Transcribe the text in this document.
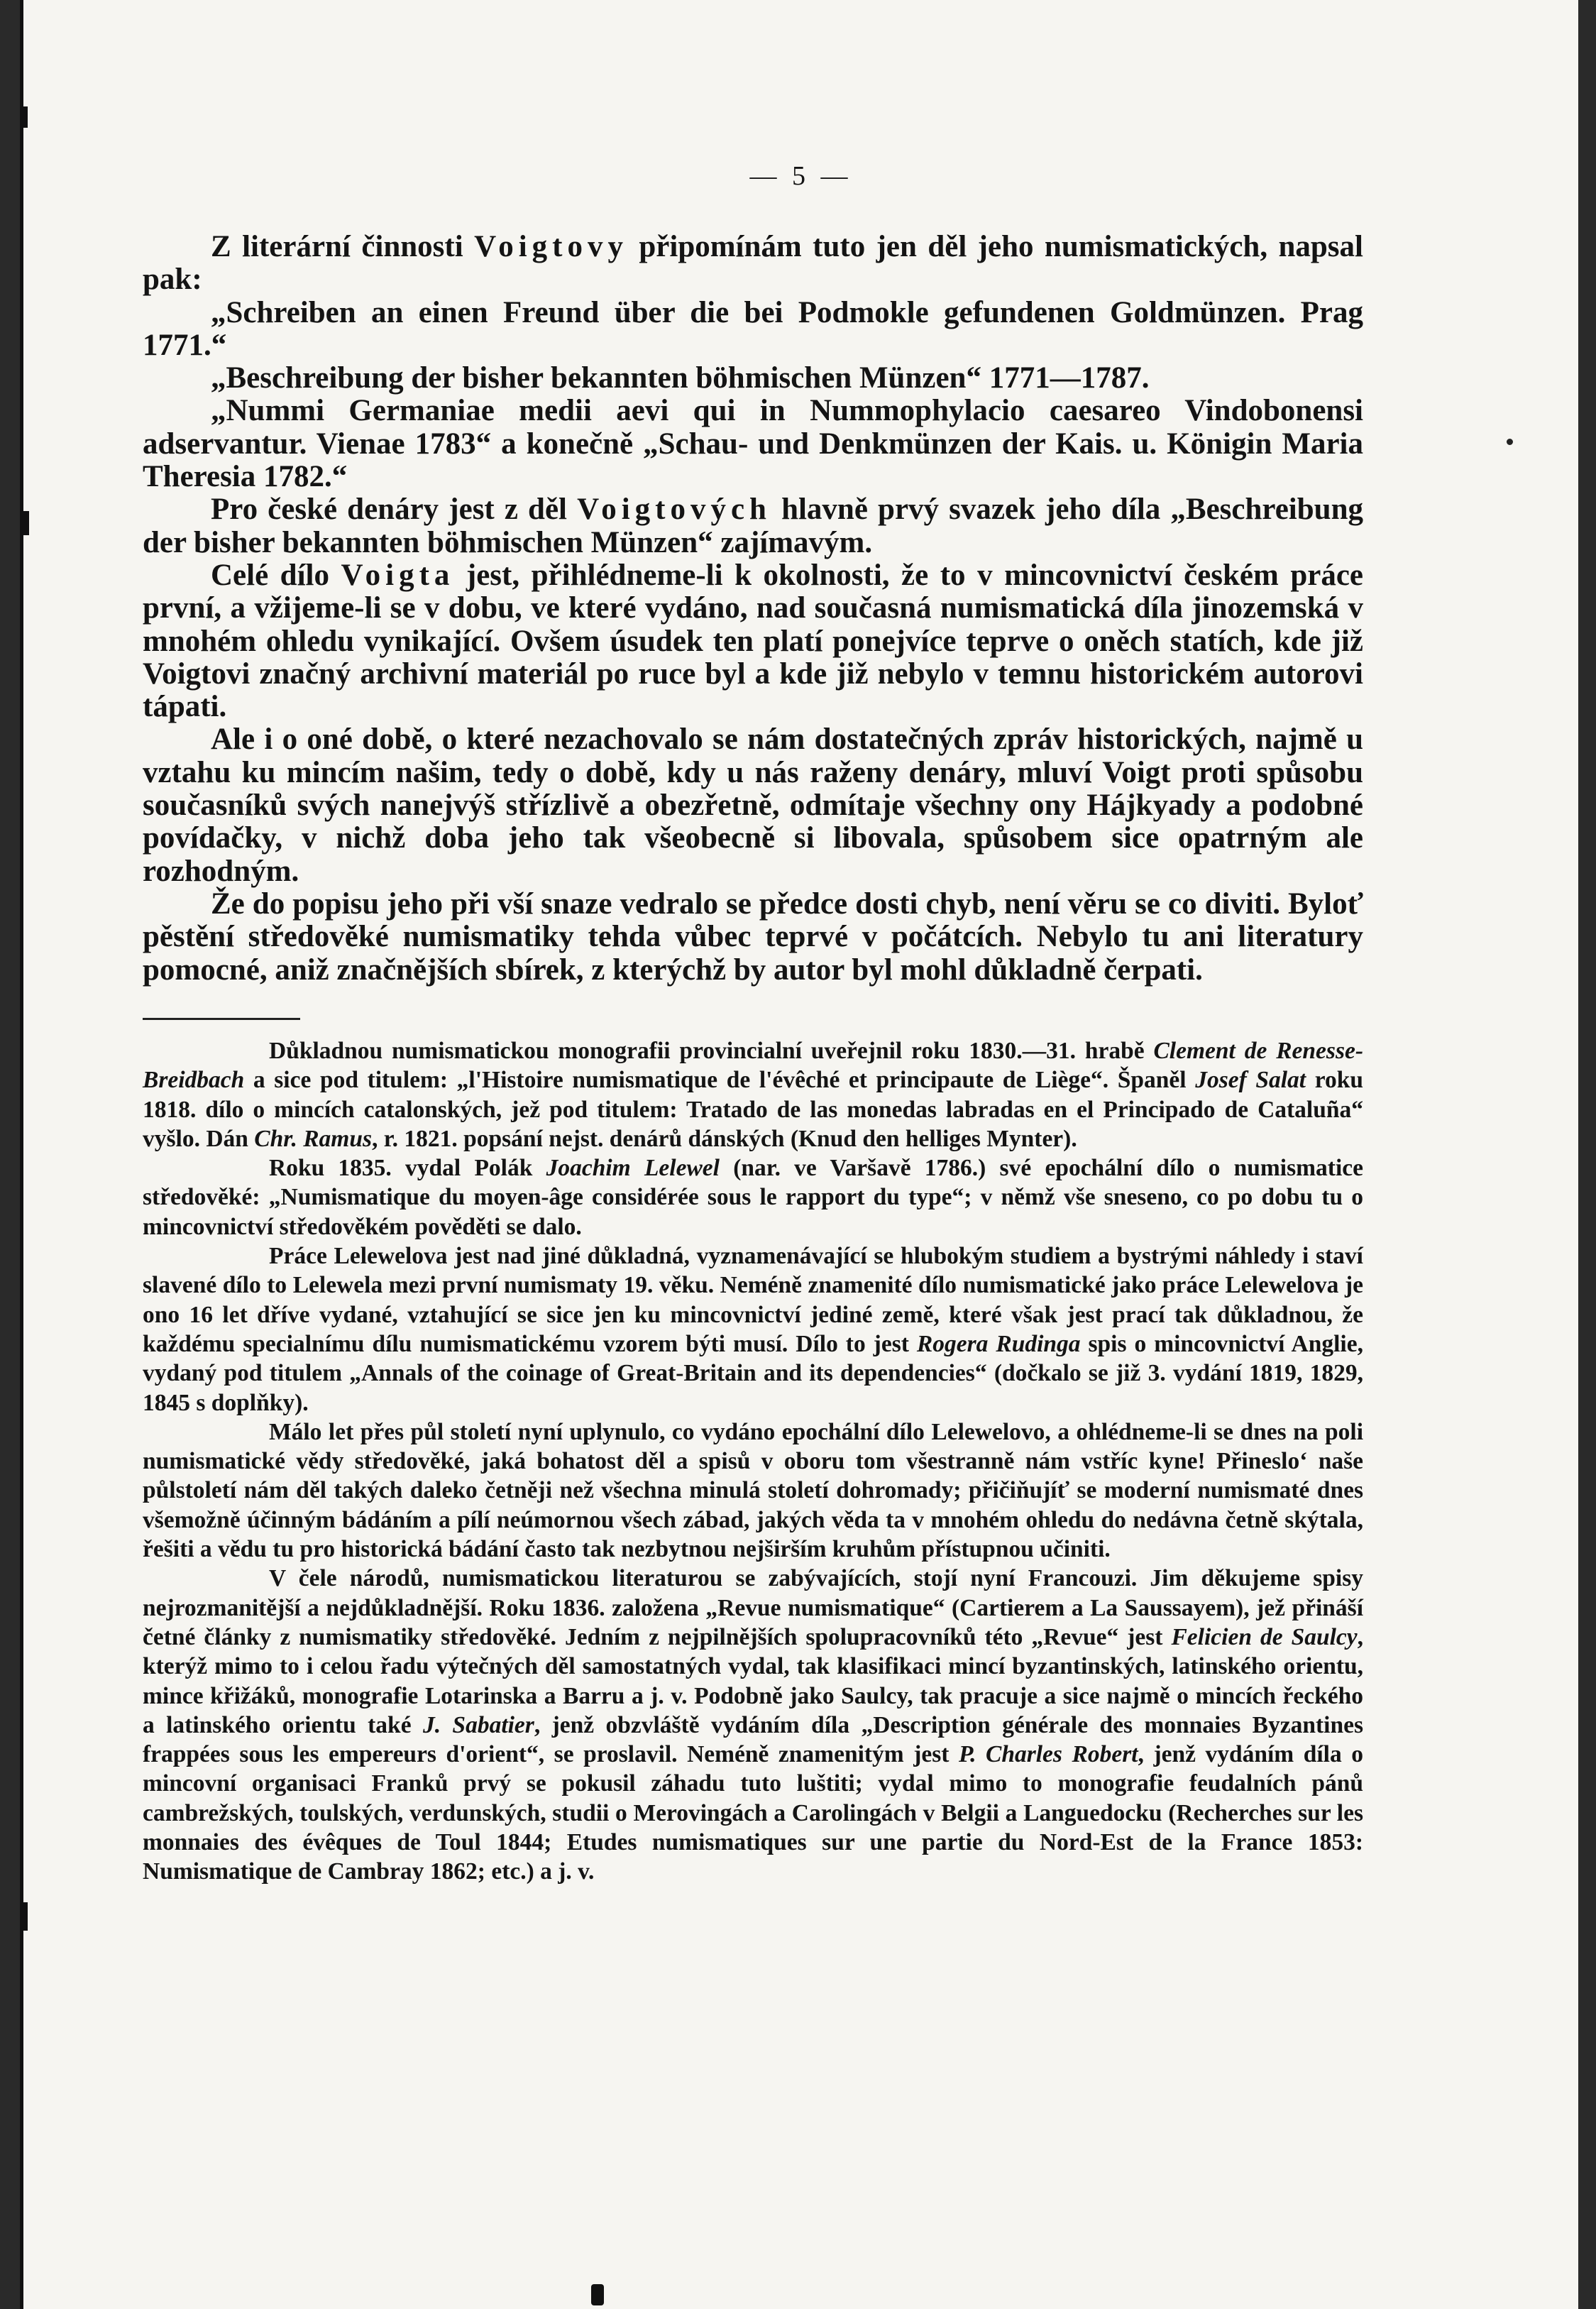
— 5 —

Z literární činnosti Voigtovy připomínám tuto jen děl jeho numismatických, napsal pak:

„Schreiben an einen Freund über die bei Podmokle gefundenen Goldmünzen. Prag 1771.“

„Beschreibung der bisher bekannten böhmischen Münzen“ 1771—1787.

„Nummi Germaniae medii aevi qui in Nummophylacio caesareo Vindobonensi adservantur. Vienae 1783“ a konečně „Schau- und Denkmünzen der Kais. u. Königin Maria Theresia 1782.“

Pro české denáry jest z děl Voigtových hlavně prvý svazek jeho díla „Beschreibung der bisher bekannten böhmischen Münzen“ zajímavým.

Celé dílo Voigta jest, přihlédneme-li k okolnosti, že to v mincovnictví českém práce první, a vžijeme-li se v dobu, ve které vydáno, nad současná numismatická díla jinozemská v mnohém ohledu vynikající. Ovšem úsudek ten platí ponejvíce teprve o oněch statích, kde již Voigtovi značný archivní materiál po ruce byl a kde již nebylo v temnu historickém autorovi tápati.

Ale i o oné době, o které nezachovalo se nám dostatečných zpráv historických, najmě u vztahu ku mincím našim, tedy o době, kdy u nás raženy denáry, mluví Voigt proti spůsobu současníků svých nanejvýš střízlivě a obezřetně, odmítaje všechny ony Hájkyady a podobné povídačky, v nichž doba jeho tak všeobecně si libovala, spůsobem sice opatrným ale rozhodným.

Že do popisu jeho při vší snaze vedralo se předce dosti chyb, není věru se co diviti. Byloť pěstění středověké numismatiky tehda vůbec teprvé v počátcích. Nebylo tu ani literatury pomocné, aniž značnějších sbírek, z kterýchž by autor byl mohl důkladně čerpati.

Důkladnou numismatickou monografii provincialní uveřejnil roku 1830.—31. hrabě Clement de Renesse-Breidbach a sice pod titulem: „l'Histoire numismatique de l'évêché et principaute de Liège“. Španěl Josef Salat roku 1818. dílo o mincích catalonských, jež pod titulem: Tratado de las monedas labradas en el Principado de Cataluña“ vyšlo. Dán Chr. Ramus, r. 1821. popsání nejst. denárů dánských (Knud den helliges Mynter).

Roku 1835. vydal Polák Joachim Lelewel (nar. ve Varšavě 1786.) své epochální dílo o numismatice středověké: „Numismatique du moyen-âge considérée sous le rapport du type“; v němž vše sneseno, co po dobu tu o mincovnictví středověkém pověděti se dalo.

Práce Lelewelova jest nad jiné důkladná, vyznamenávající se hlubokým studiem a bystrými náhledy i staví slavené dílo to Lelewela mezi první numismaty 19. věku. Neméně znamenité dílo numismatické jako práce Lelewelova je ono 16 let dříve vydané, vztahující se sice jen ku mincovnictví jediné země, které však jest prací tak důkladnou, že každému specialnímu dílu numismatickému vzorem býti musí. Dílo to jest Rogera Rudinga spis o mincovnictví Anglie, vydaný pod titulem „Annals of the coinage of Great-Britain and its dependencies“ (dočkalo se již 3. vydání 1819, 1829, 1845 s doplňky).

Málo let přes půl století nyní uplynulo, co vydáno epochální dílo Lelewelovo, a ohlédneme-li se dnes na poli numismatické vědy středověké, jaká bohatost děl a spisů v oboru tom všestranně nám vstříc kyne! Přineslo‘ naše půlstoletí nám děl takých daleko četněji než všechna minulá století dohromady; přičiňujíť se moderní numismaté dnes všemožně účinným bádáním a pílí neúmornou všech zábad, jakých věda ta v mnohém ohledu do nedávna četně skýtala, řešiti a vědu tu pro historická bádání často tak nezbytnou nejširším kruhům přístupnou učiniti.

V čele národů, numismatickou literaturou se zabývajících, stojí nyní Francouzi. Jim děkujeme spisy nejrozmanitější a nejdůkladnější. Roku 1836. založena „Revue numismatique“ (Cartierem a La Saussayem), jež přináší četné články z numismatiky středověké. Jedním z nejpilnějších spolupracovníků této „Revue“ jest Felicien de Saulcy, kterýž mimo to i celou řadu výtečných děl samostatných vydal, tak klasifikaci mincí byzantinských, latinského orientu, mince křižáků, monografie Lotarinska a Barru a j. v. Podobně jako Saulcy, tak pracuje a sice najmě o mincích řeckého a latinského orientu také J. Sabatier, jenž obzvláště vydáním díla „Description générale des monnaies Byzantines frappées sous les empereurs d'orient“, se proslavil. Neméně znamenitým jest P. Charles Robert, jenž vydáním díla o mincovní organisaci Franků prvý se pokusil záhadu tuto luštiti; vydal mimo to monografie feudalních pánů cambrežských, toulských, verdunských, studii o Merovingách a Carolingách v Belgii a Languedocku (Recherches sur les monnaies des évêques de Toul 1844; Etudes numismatiques sur une partie du Nord-Est de la France 1853: Numismatique de Cambray 1862; etc.) a j. v.
